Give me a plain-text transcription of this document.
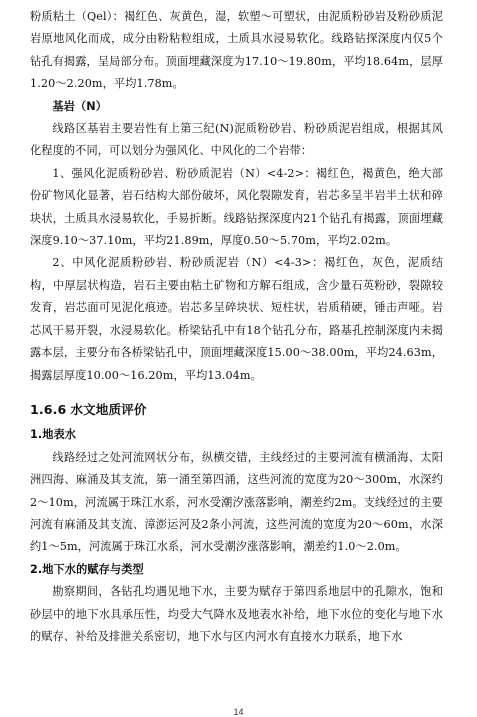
粉质粘土（Qel）：褐红色、灰黄色，湿，软塑～可塑状，由泥质粉砂岩及粉砂质泥岩原地风化而成，成分由粉粘粒组成，土质具水浸易软化。线路钻探深度内仅5个钻孔有揭露，呈局部分布。顶面埋藏深度为17.10～19.80m，平均18.64m，层厚1.20～2.20m，平均1.78m。

基岩（N）

线路区基岩主要岩性有上第三纪(N)泥质粉砂岩、粉砂质泥岩组成，根据其风化程度的不同，可以划分为强风化、中风化的二个岩带：

1、强风化泥质粉砂岩、粉砂质泥岩（N）<4-2>：褐红色，褐黄色，绝大部份矿物风化显著，岩石结构大部份破坏，风化裂隙发育，岩芯多呈半岩半土状和碎块状，土质具水浸易软化，手易折断。线路钻探深度内21个钻孔有揭露，顶面埋藏深度9.10～37.10m，平均21.89m，厚度0.50～5.70m，平均2.02m。

2、中风化泥质粉砂岩、粉砂质泥岩（N）<4-3>：褐红色，灰色，泥质结构，中厚层状构造，岩石主要由粘土矿物和方解石组成，含少量石英粉砂，裂隙较发育，岩芯面可见泥化痕迹。岩芯多呈碎块状、短柱状，岩质稍硬，锤击声哑。岩芯风干易开裂，水浸易软化。桥梁钻孔中有18个钻孔分布，路基孔控制深度内未揭露本层，主要分布各桥梁钻孔中，顶面埋藏深度15.00～38.00m，平均24.63m，揭露层厚度10.00～16.20m，平均13.04m。

1.6.6 水文地质评价

1.地表水

线路经过之处河流网状分布，纵横交错，主线经过的主要河流有横涌海、太阳洲四海、麻涌及其支流，第一涌至第四涌，这些河流的宽度为20～300m，水深约2～10m，河流属于珠江水系，河水受潮汐涨落影响，潮差约2m。支线经过的主要河流有麻涌及其支流、漳澎运河及2条小河流，这些河流的宽度为20～60m，水深约1～5m，河流属于珠江水系，河水受潮汐涨落影响，潮差约1.0～2.0m。

2.地下水的赋存与类型

勘察期间，各钻孔均遇见地下水，主要为赋存于第四系地层中的孔隙水，饱和砂层中的地下水具承压性，均受大气降水及地表水补给，地下水位的变化与地下水的赋存、补给及排泄关系密切，地下水与区内河水有直接水力联系，地下水

14
